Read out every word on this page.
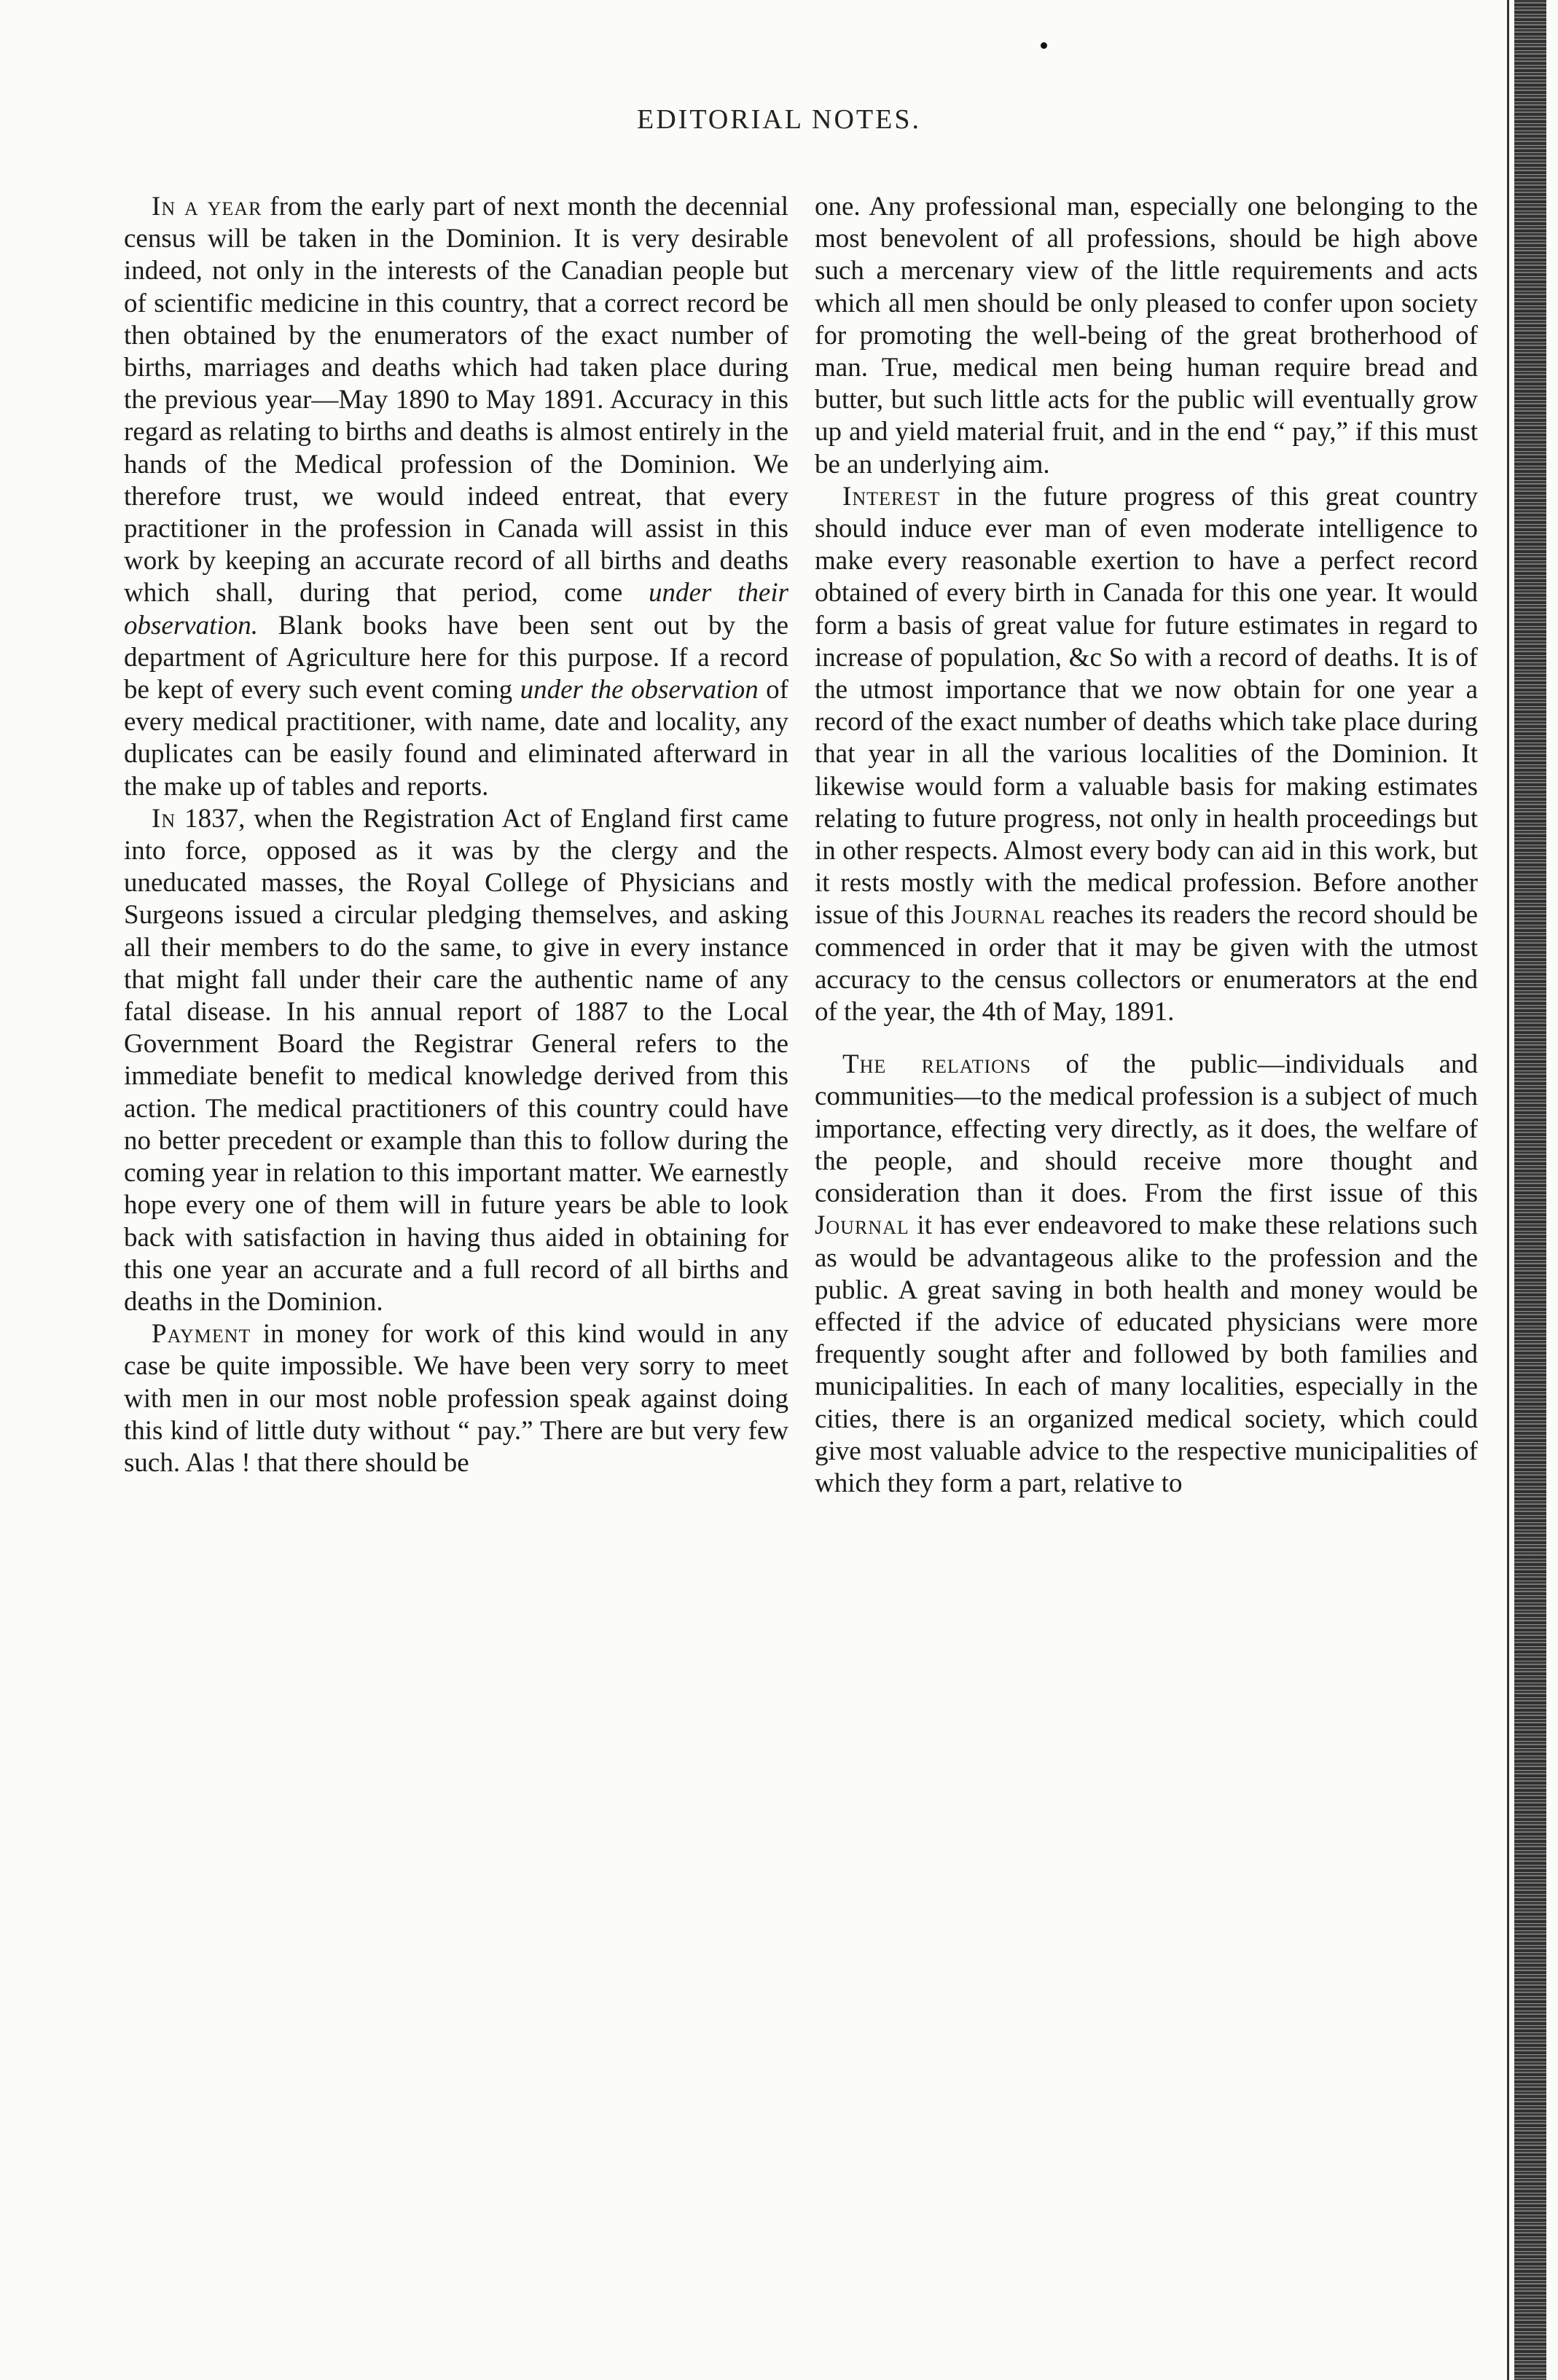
EDITORIAL NOTES.

In a year from the early part of next month the decennial census will be taken in the Dominion. It is very desirable indeed, not only in the interests of the Canadian people but of scientific medicine in this country, that a correct record be then obtained by the enumerators of the exact number of births, marriages and deaths which had taken place during the previous year—May 1890 to May 1891. Accuracy in this regard as relating to births and deaths is almost entirely in the hands of the Medical profession of the Dominion. We therefore trust, we would indeed entreat, that every practitioner in the profession in Canada will assist in this work by keeping an accurate record of all births and deaths which shall, during that period, come under their observation. Blank books have been sent out by the department of Agriculture here for this purpose. If a record be kept of every such event coming under the observation of every medical practitioner, with name, date and locality, any duplicates can be easily found and eliminated afterward in the make up of tables and reports.

In 1837, when the Registration Act of England first came into force, opposed as it was by the clergy and the uneducated masses, the Royal College of Physicians and Surgeons issued a circular pledging themselves, and asking all their members to do the same, to give in every instance that might fall under their care the authentic name of any fatal disease. In his annual report of 1887 to the Local Government Board the Registrar General refers to the immediate benefit to medical knowledge derived from this action. The medical practitioners of this country could have no better precedent or example than this to follow during the coming year in relation to this important matter. We earnestly hope every one of them will in future years be able to look back with satisfaction in having thus aided in obtaining for this one year an accurate and a full record of all births and deaths in the Dominion.

Payment in money for work of this kind would in any case be quite impossible. We have been very sorry to meet with men in our most noble profession speak against doing this kind of little duty without “ pay.” There are but very few such. Alas ! that there should be

one. Any professional man, especially one belonging to the most benevolent of all professions, should be high above such a mercenary view of the little requirements and acts which all men should be only pleased to confer upon society for promoting the well-being of the great brotherhood of man. True, medical men being human require bread and butter, but such little acts for the public will eventually grow up and yield material fruit, and in the end “ pay,” if this must be an underlying aim.

Interest in the future progress of this great country should induce ever man of even moderate intelligence to make every reasonable exertion to have a perfect record obtained of every birth in Canada for this one year. It would form a basis of great value for future estimates in regard to increase of population, &c So with a record of deaths. It is of the utmost importance that we now obtain for one year a record of the exact number of deaths which take place during that year in all the various localities of the Dominion. It likewise would form a valuable basis for making estimates relating to future progress, not only in health proceedings but in other respects. Almost every body can aid in this work, but it rests mostly with the medical profession. Before another issue of this Journal reaches its readers the record should be commenced in order that it may be given with the utmost accuracy to the census collectors or enumerators at the end of the year, the 4th of May, 1891.

The relations of the public—individuals and communities—to the medical profession is a subject of much importance, effecting very directly, as it does, the welfare of the people, and should receive more thought and consideration than it does. From the first issue of this Journal it has ever endeavored to make these relations such as would be advantageous alike to the profession and the public. A great saving in both health and money would be effected if the advice of educated physicians were more frequently sought after and followed by both families and municipalities. In each of many localities, especially in the cities, there is an organized medical society, which could give most valuable advice to the respective municipalities of which they form a part, relative to
